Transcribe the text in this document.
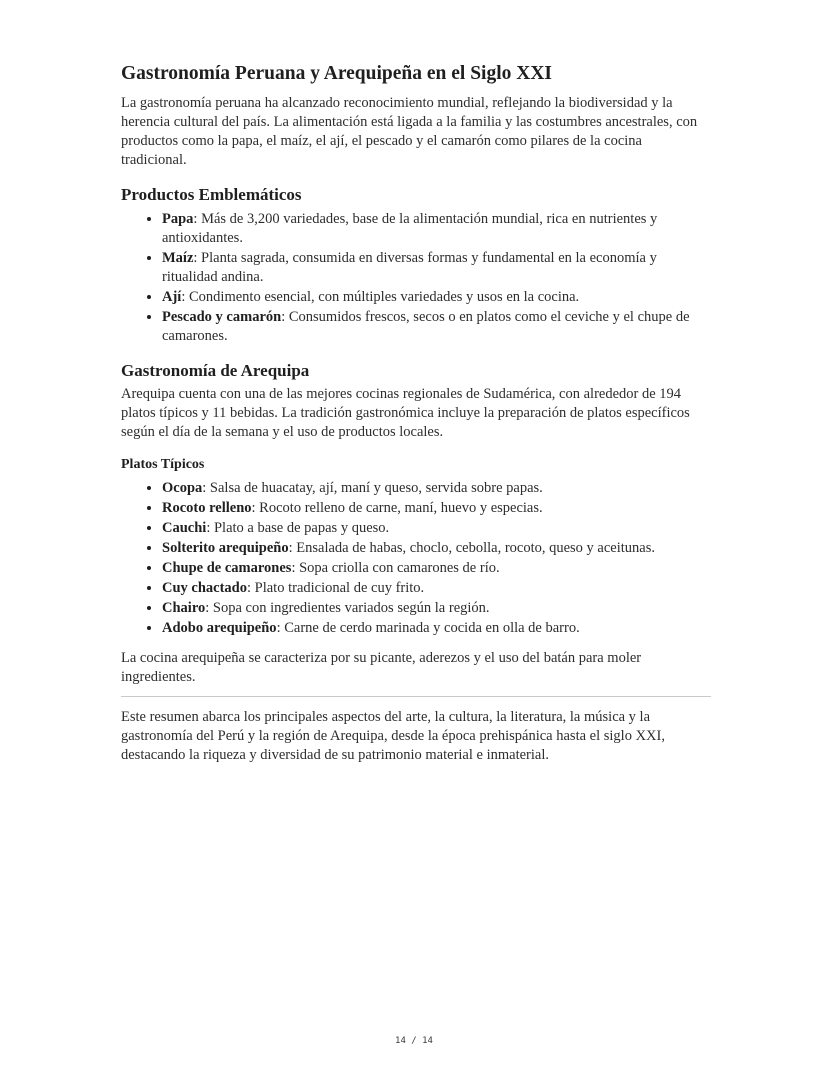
Gastronomía Peruana y Arequipeña en el Siglo XXI

La gastronomía peruana ha alcanzado reconocimiento mundial, reflejando la biodiversidad y la herencia cultural del país. La alimentación está ligada a la familia y las costumbres ancestrales, con productos como la papa, el maíz, el ají, el pescado y el camarón como pilares de la cocina tradicional.

Productos Emblemáticos
• Papa: Más de 3,200 variedades, base de la alimentación mundial, rica en nutrientes y antioxidantes.
• Maíz: Planta sagrada, consumida en diversas formas y fundamental en la economía y ritualidad andina.
• Ají: Condimento esencial, con múltiples variedades y usos en la cocina.
• Pescado y camarón: Consumidos frescos, secos o en platos como el ceviche y el chupe de camarones.
Gastronomía de Arequipa

Arequipa cuenta con una de las mejores cocinas regionales de Sudamérica, con alrededor de 194 platos típicos y 11 bebidas. La tradición gastronómica incluye la preparación de platos específicos según el día de la semana y el uso de productos locales.

Platos Típicos
• Ocopa: Salsa de huacatay, ají, maní y queso, servida sobre papas.
• Rocoto relleno: Rocoto relleno de carne, maní, huevo y especias.
• Cauchi: Plato a base de papas y queso.
• Solterito arequipeño: Ensalada de habas, choclo, cebolla, rocoto, queso y aceitunas.
• Chupe de camarones: Sopa criolla con camarones de río.
• Cuy chactado: Plato tradicional de cuy frito.
• Chairo: Sopa con ingredientes variados según la región.
• Adobo arequipeño: Carne de cerdo marinada y cocida en olla de barro.

La cocina arequipeña se caracteriza por su picante, aderezos y el uso del batán para moler ingredientes.

Este resumen abarca los principales aspectos del arte, la cultura, la literatura, la música y la gastronomía del Perú y la región de Arequipa, desde la época prehispánica hasta el siglo XXI, destacando la riqueza y diversidad de su patrimonio material e inmaterial.

14 / 14
